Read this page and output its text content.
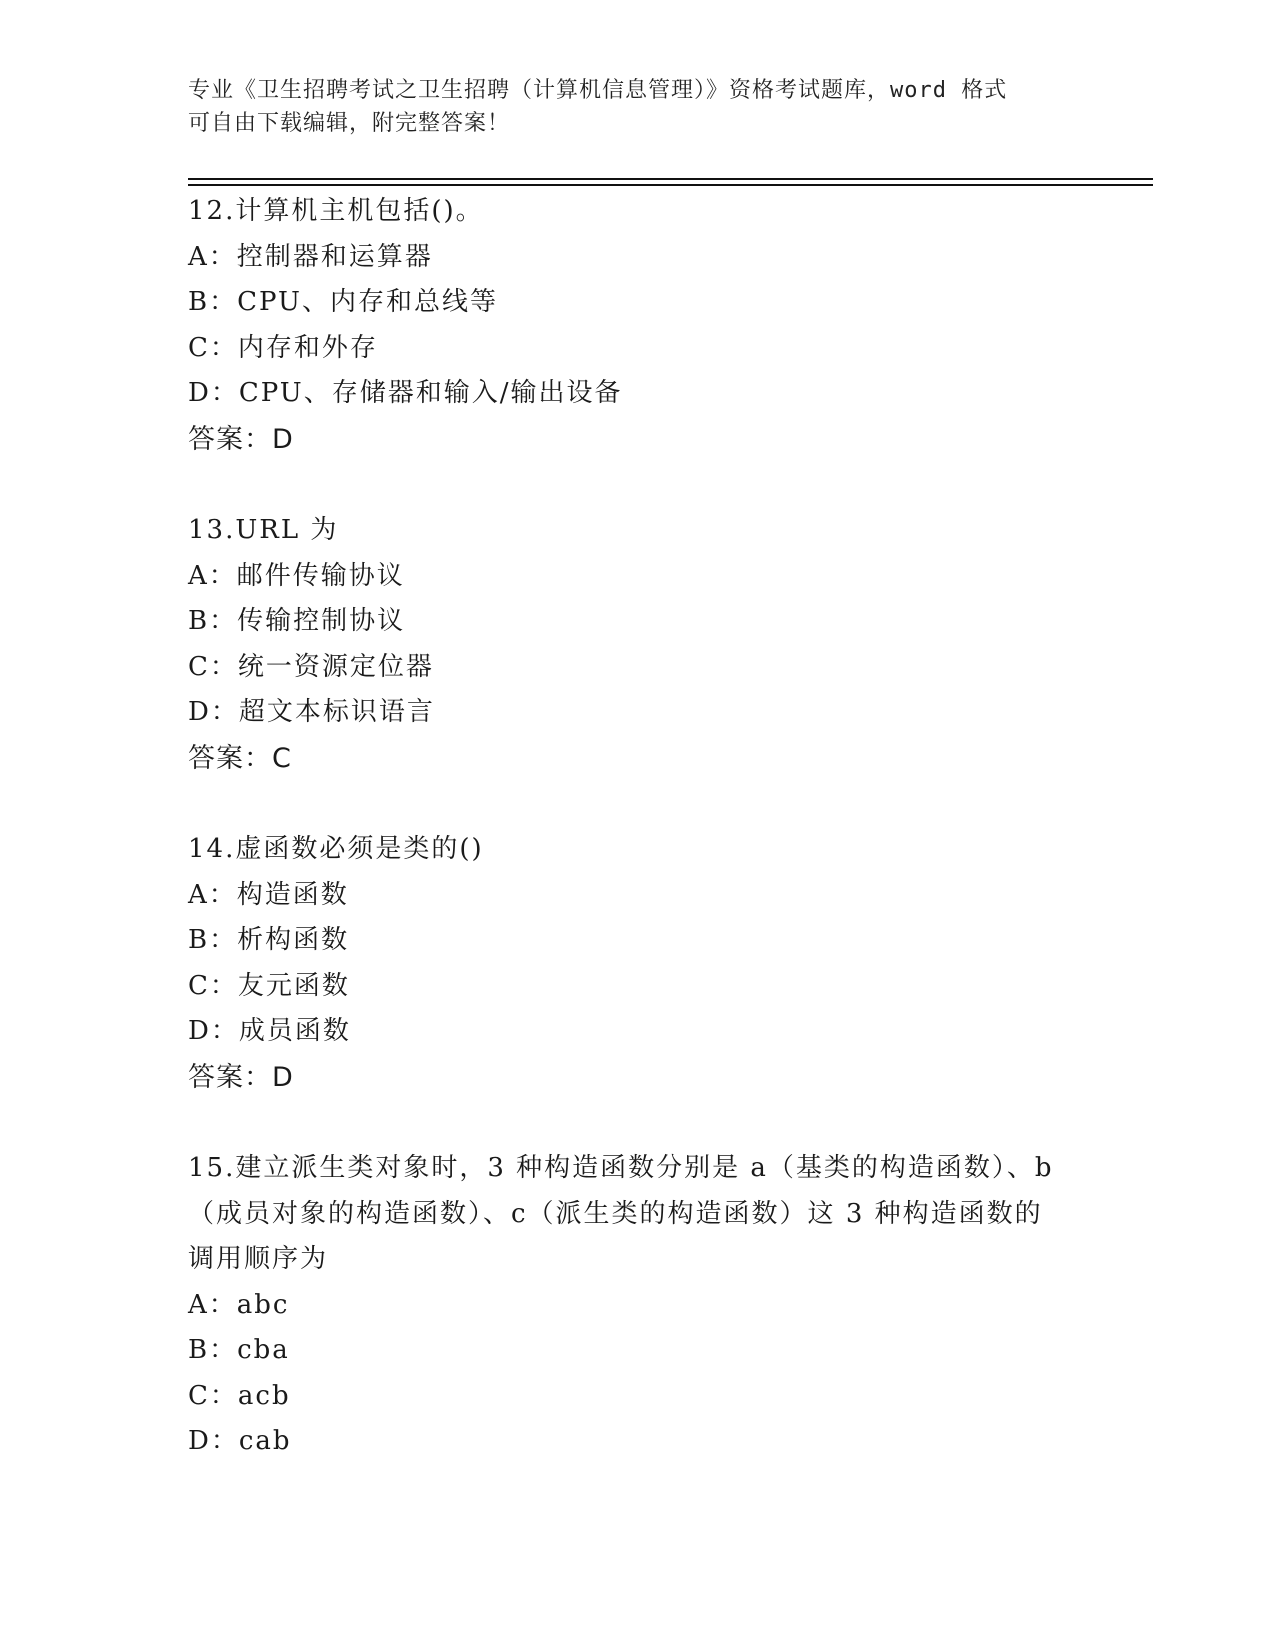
专业《卫生招聘考试之卫生招聘（计算机信息管理）》资格考试题库，word 格式
可自由下载编辑，附完整答案！
12.计算机主机包括()。
A：控制器和运算器
B：CPU、内存和总线等
C：内存和外存
D：CPU、存储器和输入/输出设备
答案：D
13.URL 为
A：邮件传输协议
B：传输控制协议
C：统一资源定位器
D：超文本标识语言
答案：C
14.虚函数必须是类的()
A：构造函数
B：析构函数
C：友元函数
D：成员函数
答案：D
15.建立派生类对象时，3 种构造函数分别是 a（基类的构造函数）、b
（成员对象的构造函数）、c（派生类的构造函数）这 3 种构造函数的
调用顺序为
A：abc
B：cba
C：acb
D：cab
